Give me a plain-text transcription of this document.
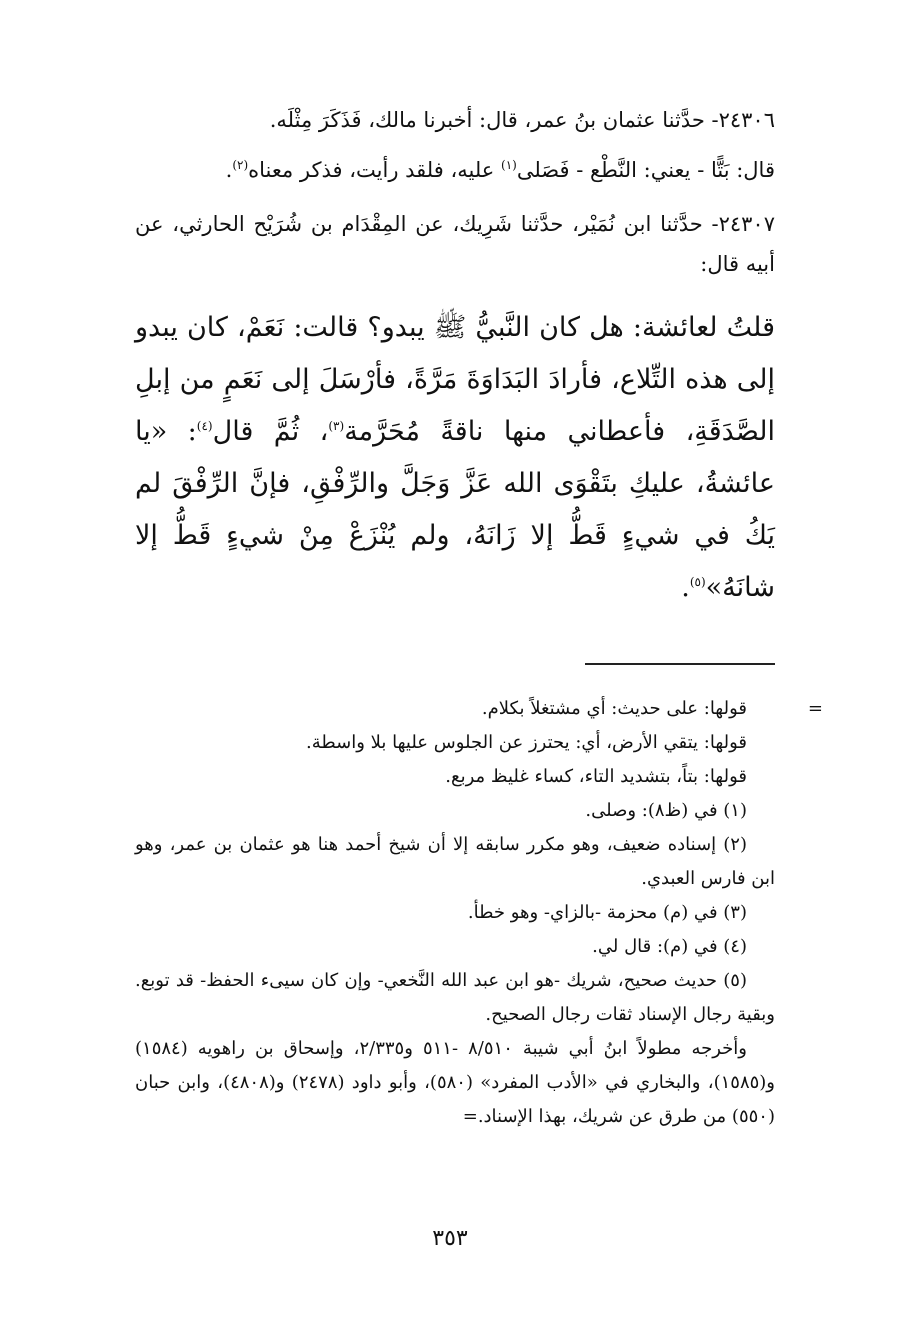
٢٤٣٠٦- حدَّثنا عثمان بنُ عمر، قال: أخبرنا مالك، فَذَكَرَ مِثْلَه.

قال: بَتًّا - يعني: النَّطْع - فَصَلى$^{(١)}$ عليه، فلقد رأيت، فذكر معناه$^{(٢)}$.

٢٤٣٠٧- حدَّثنا ابن نُمَيْر، حدَّثنا شَرِيك، عن المِقْدَام بن شُرَيْح الحارثي، عن أبيه قال:

قلتُ لعائشة: هل كان النَّبيُّ ﷺ يبدو؟ قالت: نَعَمْ، كان يبدو إلى هذه التِّلاع، فأرادَ البَدَاوَةَ مَرَّةً، فأرْسَلَ إلى نَعَمٍ من إبلِ الصَّدَقَةِ، فأعطاني منها ناقةً مُحَرَّمة$^{(٣)}$، ثُمَّ قال$^{(٤)}$: «يا عائشةُ، عليكِ بتَقْوَى الله عَزَّ وَجَلَّ والرِّفْقِ، فإنَّ الرِّفْقَ لم يَكُ في شيءٍ قَطُّ إلا زَانَهُ، ولم يُنْزَعْ مِنْ شيءٍ قَطُّ إلا شانَهُ»$^{(٥)}$.

=
قولها: على حديث: أي مشتغلاً بكلام.

قولها: يتقي الأرض، أي: يحترز عن الجلوس عليها بلا واسطة.

قولها: بتاً، بتشديد التاء، كساء غليظ مربع.

(١) في (ظ٨): وصلى.

(٢) إسناده ضعيف، وهو مكرر سابقه إلا أن شيخ أحمد هنا هو عثمان بن عمر، وهو ابن فارس العبدي.

(٣) في (م) محزمة -بالزاي- وهو خطأ.

(٤) في (م): قال لي.

(٥) حديث صحيح، شريك -هو ابن عبد الله النَّخعي- وإن كان سيىء الحفظ- قد توبع. وبقية رجال الإسناد ثقات رجال الصحيح.

وأخرجه مطولاً ابنُ أبي شيبة ٨/٥١٠ -٥١١ و٢/٣٣٥، وإسحاق بن راهويه (١٥٨٤) و(١٥٨٥)، والبخاري في «الأدب المفرد» (٥٨٠)، وأبو داود (٢٤٧٨) و(٤٨٠٨)، وابن حبان (٥٥٠) من طرق عن شريك، بهذا الإسناد.=

٣٥٣
